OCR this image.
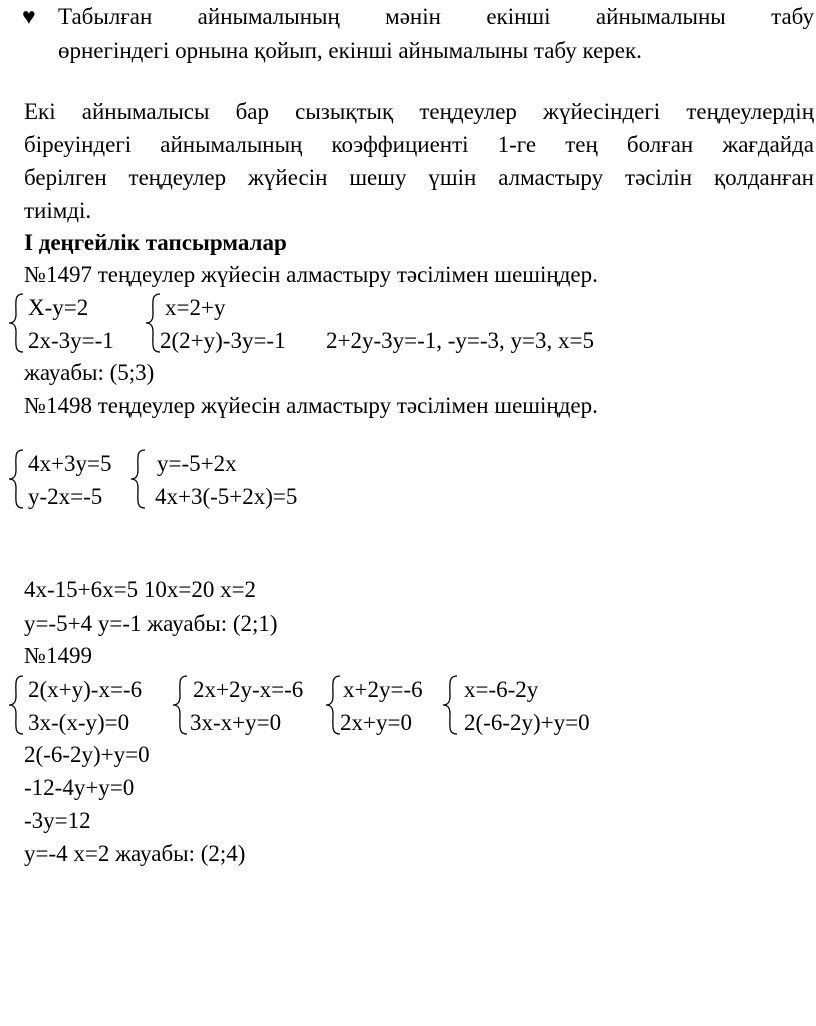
♥ Табылған айнымалының мәнін екінші айнымалыны табу
өрнегіндегі орнына қойып, екінші айнымалыны табу керек.
Екі айнымалысы бар сызықтық теңдеулер жүйесіндегі теңдеулердің
біреуіндегі айнымалының коэффициенті 1-ге тең болған жағдайда
берілген теңдеулер жүйесін шешу үшін алмастыру тәсілін қолданған
тиімді.
І деңгейлік тапсырмалар
№1497 теңдеулер жүйесін алмастыру тәсілімен шешіңдер.
Х-у=2
2х-3у=-1
х=2+у
2(2+у)-3у=-1 2+2у-3у=-1, -у=-3, у=3, х=5
жауабы: (5;3)
№1498 теңдеулер жүйесін алмастыру тәсілімен шешіңдер.
4х+3у=5
у-2х=-5
у=-5+2х
4х+3(-5+2х)=5
4х-15+6х=5 10х=20 х=2
у=-5+4 у=-1 жауабы: (2;1)
№1499
2(х+у)-х=-6
3х-(х-у)=0
2х+2у-х=-6
3х-х+у=0
х+2у=-6
2х+у=0
х=-6-2у
2(-6-2у)+у=0
2(-6-2у)+у=0
-12-4у+у=0
-3у=12
у=-4 х=2 жауабы: (2;4)
